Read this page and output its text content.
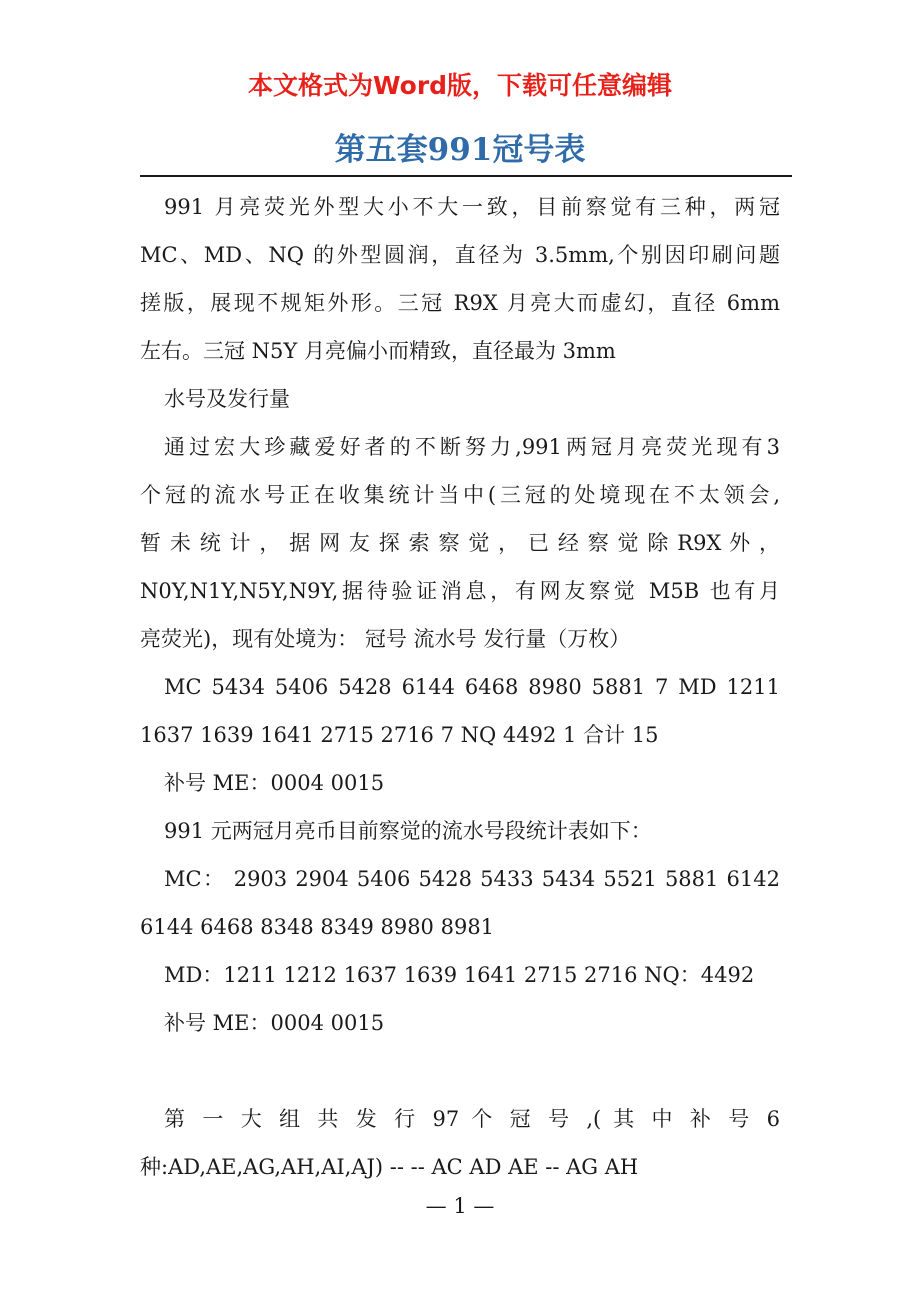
本文格式为Word版，下载可任意编辑
第五套991冠号表
991 月亮荧光外型大小不大一致，目前察觉有三种，两冠
MC、MD、NQ 的外型圆润，直径为 3.5mm,个别因印刷问题
搓版，展现不规矩外形。三冠 R9X 月亮大而虚幻，直径 6mm
左右。三冠 N5Y 月亮偏小而精致，直径最为 3mm
水号及发行量
通过宏大珍藏爱好者的不断努力,991两冠月亮荧光现有3
个冠的流水号正在收集统计当中(三冠的处境现在不太领会,
暂 未 统 计 ， 据 网 友 探 索 察 觉 ， 已 经 察 觉 除 R9X 外 ，
N0Y,N1Y,N5Y,N9Y,据待验证消息，有网友察觉 M5B 也有月
亮荧光)，现有处境为： 冠号 流水号 发行量（万枚）
MC 5434 5406 5428 6144 6468 8980 5881 7 MD 1211
1637 1639 1641 2715 2716 7 NQ 4492 1 合计 15
补号 ME：0004 0015
991 元两冠月亮币目前察觉的流水号段统计表如下：
MC： 2903 2904 5406 5428 5433 5434 5521 5881 6142
6144 6468 8348 8349 8980 8981
MD：1211 1212 1637 1639 1641 2715 2716 NQ：4492
补号 ME：0004 0015
第 一 大 组 共 发 行 97 个 冠 号 ,( 其 中 补 号 6
种:AD,AE,AG,AH,AI,AJ) -- -- AC AD AE -- AG AH
— 1 —
